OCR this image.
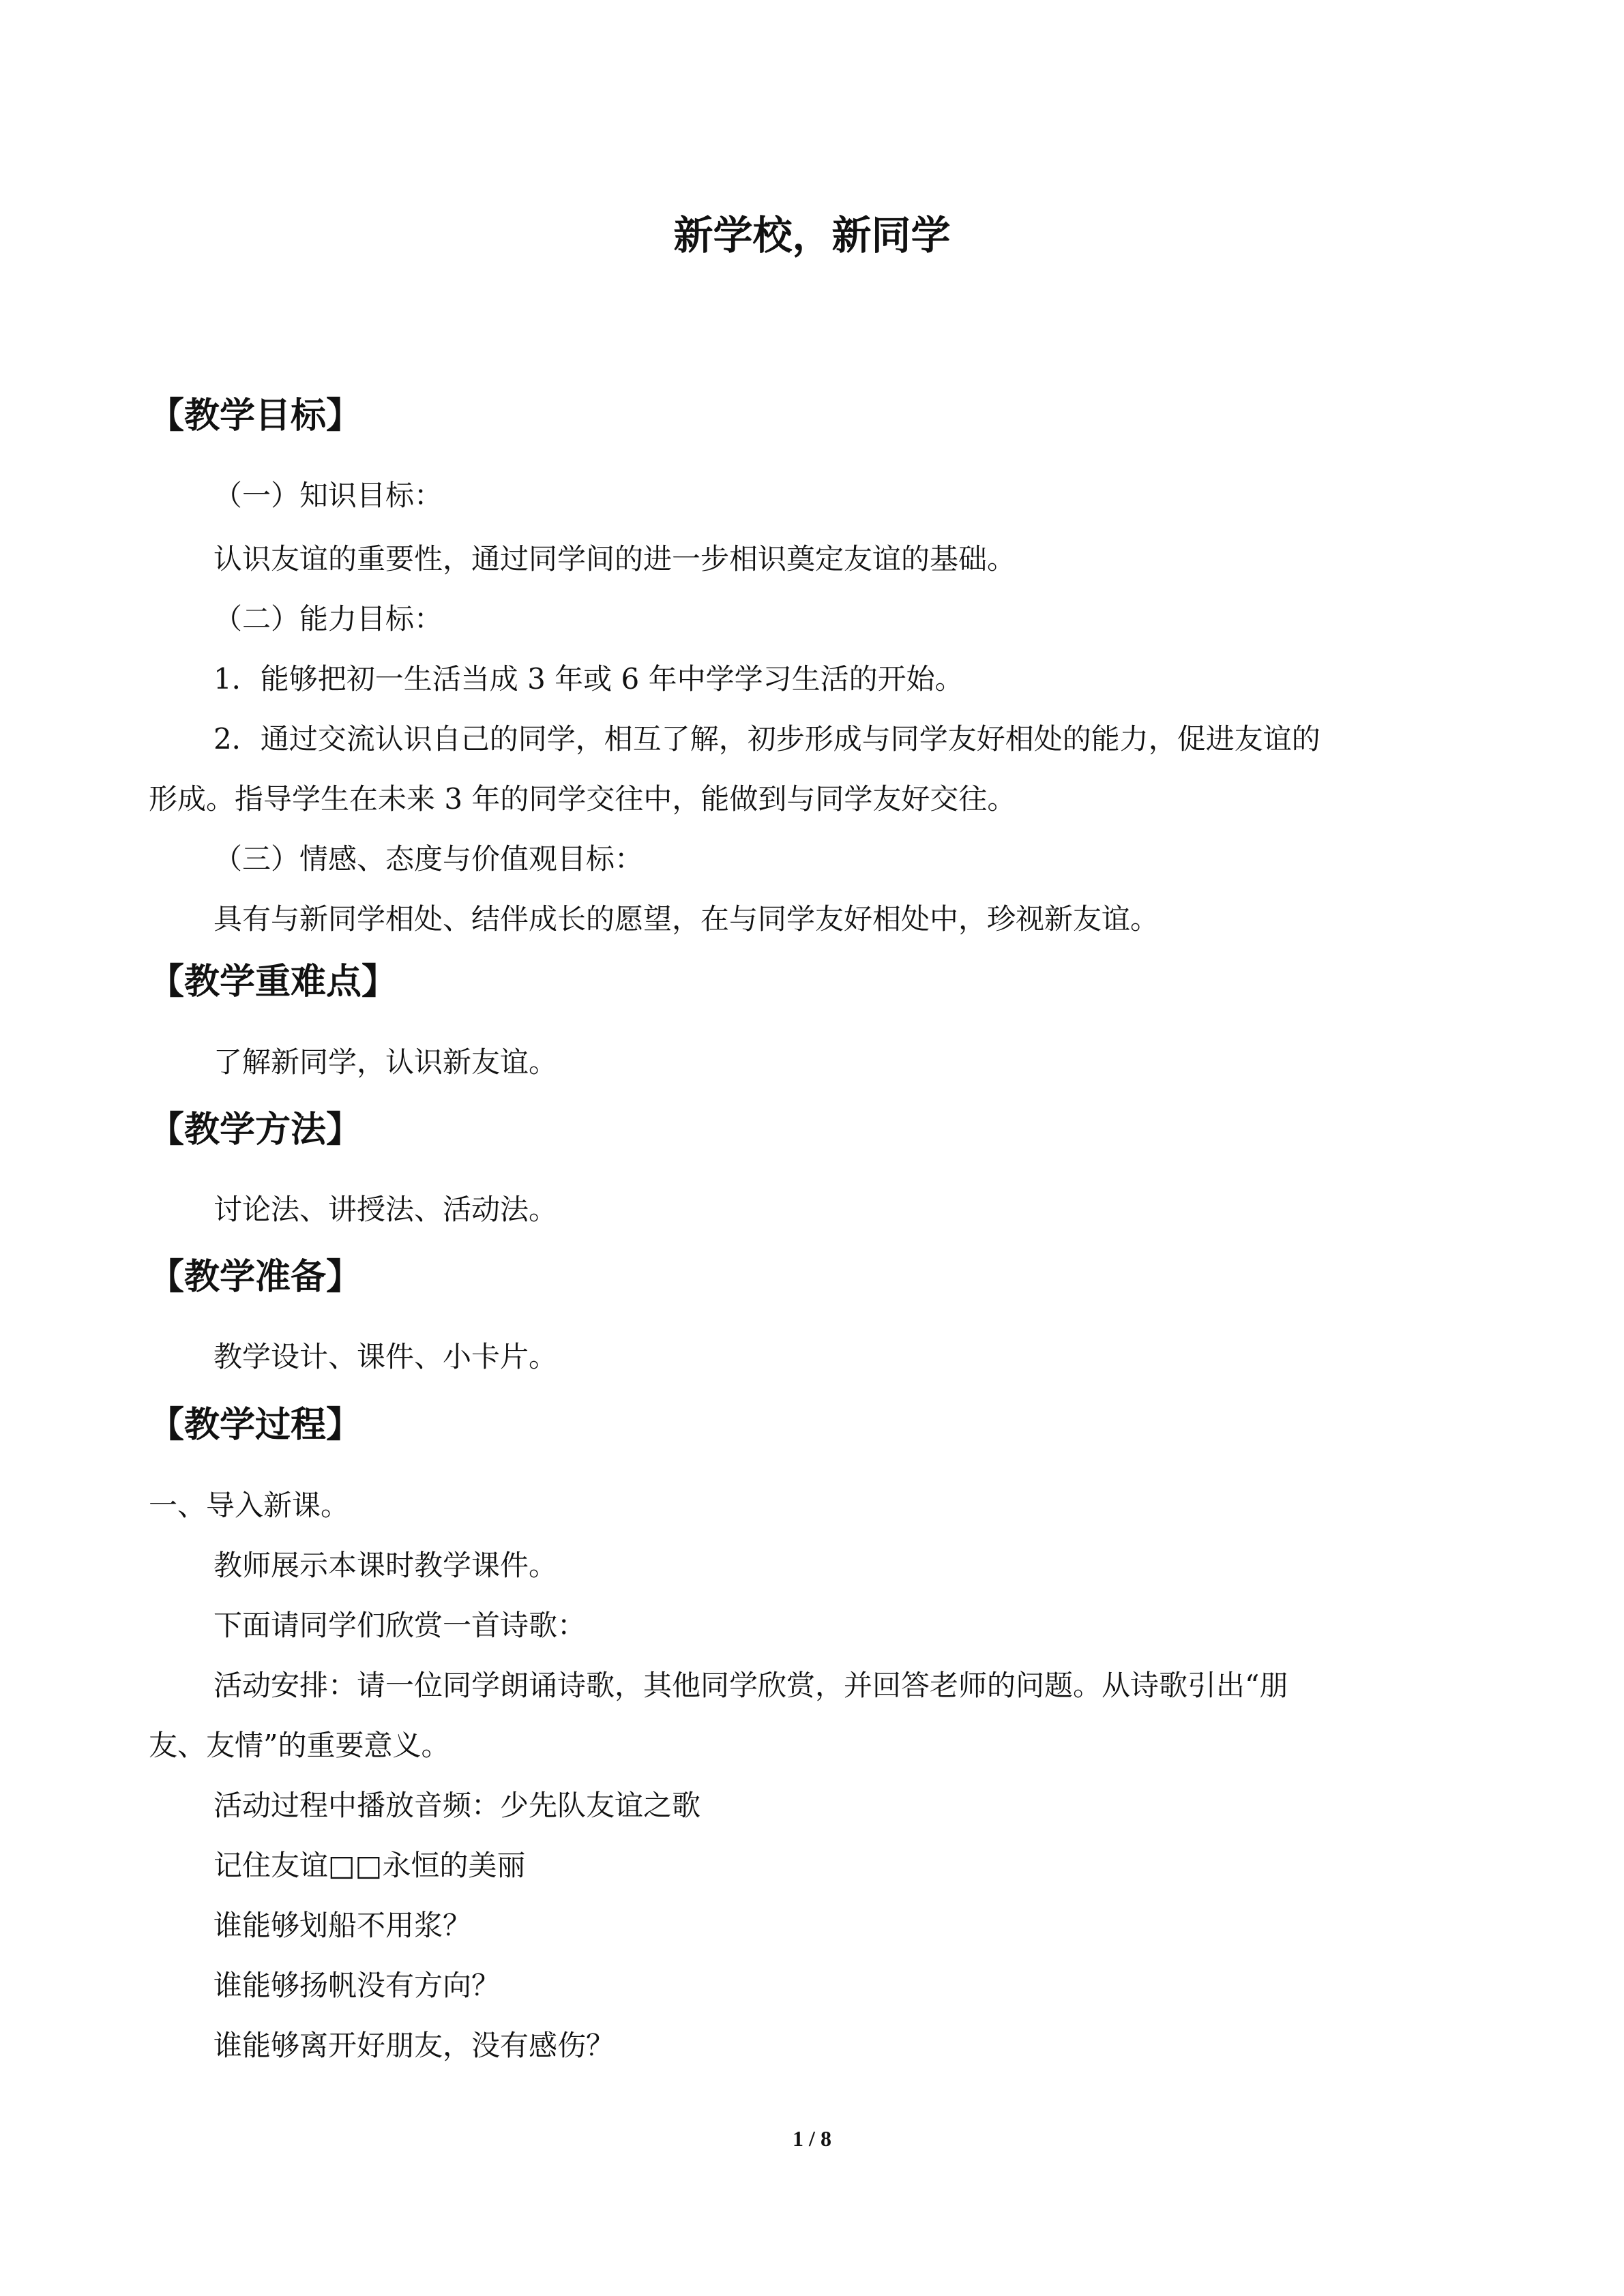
新学校，新同学
【教学目标】
（一）知识目标：
认识友谊的重要性，通过同学间的进一步相识奠定友谊的基础。
（二）能力目标：
1．能够把初一生活当成 3 年或 6 年中学学习生活的开始。
2．通过交流认识自己的同学，相互了解，初步形成与同学友好相处的能力，促进友谊的
形成。指导学生在未来 3 年的同学交往中，能做到与同学友好交往。
（三）情感、态度与价值观目标：
具有与新同学相处、结伴成长的愿望，在与同学友好相处中，珍视新友谊。
【教学重难点】
了解新同学，认识新友谊。
【教学方法】
讨论法、讲授法、活动法。
【教学准备】
教学设计、课件、小卡片。
【教学过程】
一、导入新课。
教师展示本课时教学课件。
下面请同学们欣赏一首诗歌：
活动安排：请一位同学朗诵诗歌，其他同学欣赏，并回答老师的问题。从诗歌引出“朋
友、友情”的重要意义。
活动过程中播放音频：少先队友谊之歌
记住友谊□□永恒的美丽
谁能够划船不用浆？
谁能够扬帆没有方向？
谁能够离开好朋友，没有感伤？
1 / 8
